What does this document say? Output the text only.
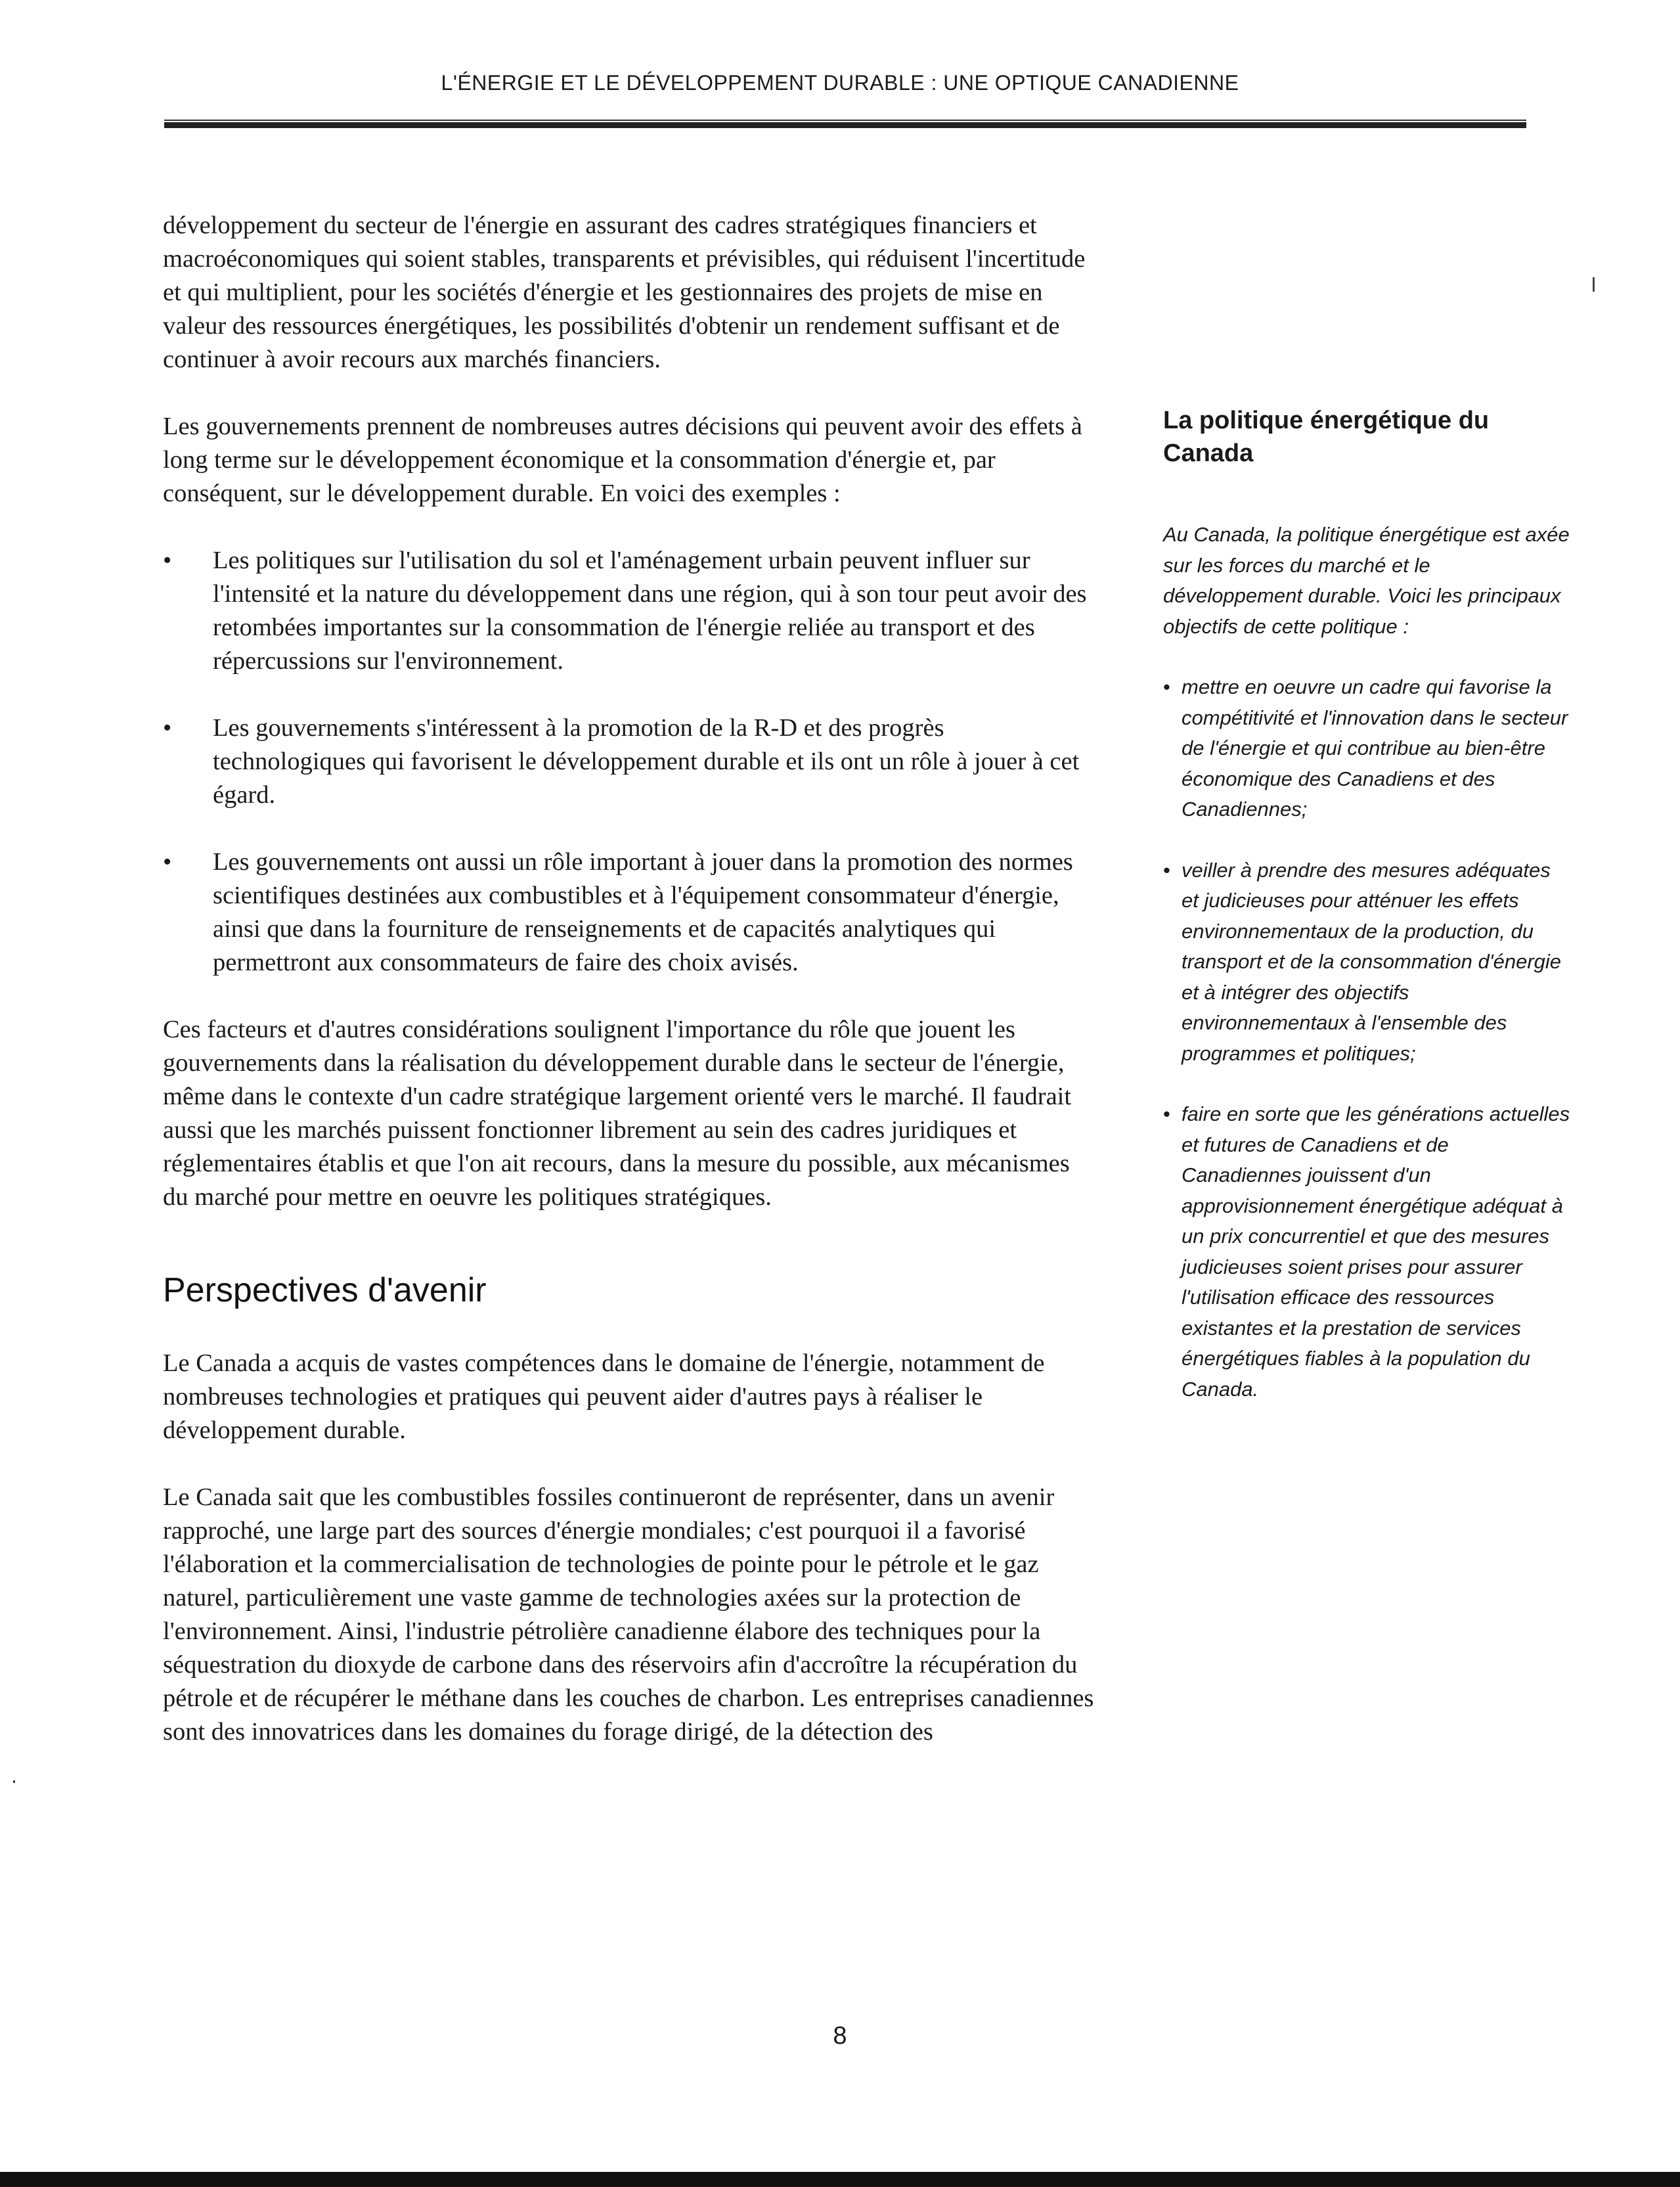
L'ÉNERGIE ET LE DÉVELOPPEMENT DURABLE : UNE OPTIQUE CANADIENNE

développement du secteur de l'énergie en assurant des cadres stratégiques financiers et macroéconomiques qui soient stables, transparents et prévisibles, qui réduisent l'incertitude et qui multiplient, pour les sociétés d'énergie et les gestionnaires des projets de mise en valeur des ressources énergétiques, les possibilités d'obtenir un rendement suffisant et de continuer à avoir recours aux marchés financiers.

Les gouvernements prennent de nombreuses autres décisions qui peuvent avoir des effets à long terme sur le développement économique et la consommation d'énergie et, par conséquent, sur le développement durable. En voici des exemples :

• Les politiques sur l'utilisation du sol et l'aménagement urbain peuvent influer sur l'intensité et la nature du développement dans une région, qui à son tour peut avoir des retombées importantes sur la consommation de l'énergie reliée au transport et des répercussions sur l'environnement.
• Les gouvernements s'intéressent à la promotion de la R-D et des progrès technologiques qui favorisent le développement durable et ils ont un rôle à jouer à cet égard.
• Les gouvernements ont aussi un rôle important à jouer dans la promotion des normes scientifiques destinées aux combustibles et à l'équipement consommateur d'énergie, ainsi que dans la fourniture de renseignements et de capacités analytiques qui permettront aux consommateurs de faire des choix avisés.

Ces facteurs et d'autres considérations soulignent l'importance du rôle que jouent les gouvernements dans la réalisation du développement durable dans le secteur de l'énergie, même dans le contexte d'un cadre stratégique largement orienté vers le marché. Il faudrait aussi que les marchés puissent fonctionner librement au sein des cadres juridiques et réglementaires établis et que l'on ait recours, dans la mesure du possible, aux mécanismes du marché pour mettre en oeuvre les politiques stratégiques.

Perspectives d'avenir

Le Canada a acquis de vastes compétences dans le domaine de l'énergie, notamment de nombreuses technologies et pratiques qui peuvent aider d'autres pays à réaliser le développement durable.

Le Canada sait que les combustibles fossiles continueront de représenter, dans un avenir rapproché, une large part des sources d'énergie mondiales; c'est pourquoi il a favorisé l'élaboration et la commercialisation de technologies de pointe pour le pétrole et le gaz naturel, particulièrement une vaste gamme de technologies axées sur la protection de l'environnement. Ainsi, l'industrie pétrolière canadienne élabore des techniques pour la séquestration du dioxyde de carbone dans des réservoirs afin d'accroître la récupération du pétrole et de récupérer le méthane dans les couches de charbon. Les entreprises canadiennes sont des innovatrices dans les domaines du forage dirigé, de la détection des

La politique énergétique du Canada

Au Canada, la politique énergétique est axée sur les forces du marché et le développement durable. Voici les principaux objectifs de cette politique :

• mettre en oeuvre un cadre qui favorise la compétitivité et l'innovation dans le secteur de l'énergie et qui contribue au bien-être économique des Canadiens et des Canadiennes;
• veiller à prendre des mesures adéquates et judicieuses pour atténuer les effets environnementaux de la production, du transport et de la consommation d'énergie et à intégrer des objectifs environnementaux à l'ensemble des programmes et politiques;
• faire en sorte que les générations actuelles et futures de Canadiens et de Canadiennes jouissent d'un approvisionnement énergétique adéquat à un prix concurrentiel et que des mesures judicieuses soient prises pour assurer l'utilisation efficace des ressources existantes et la prestation de services énergétiques fiables à la population du Canada.
8
